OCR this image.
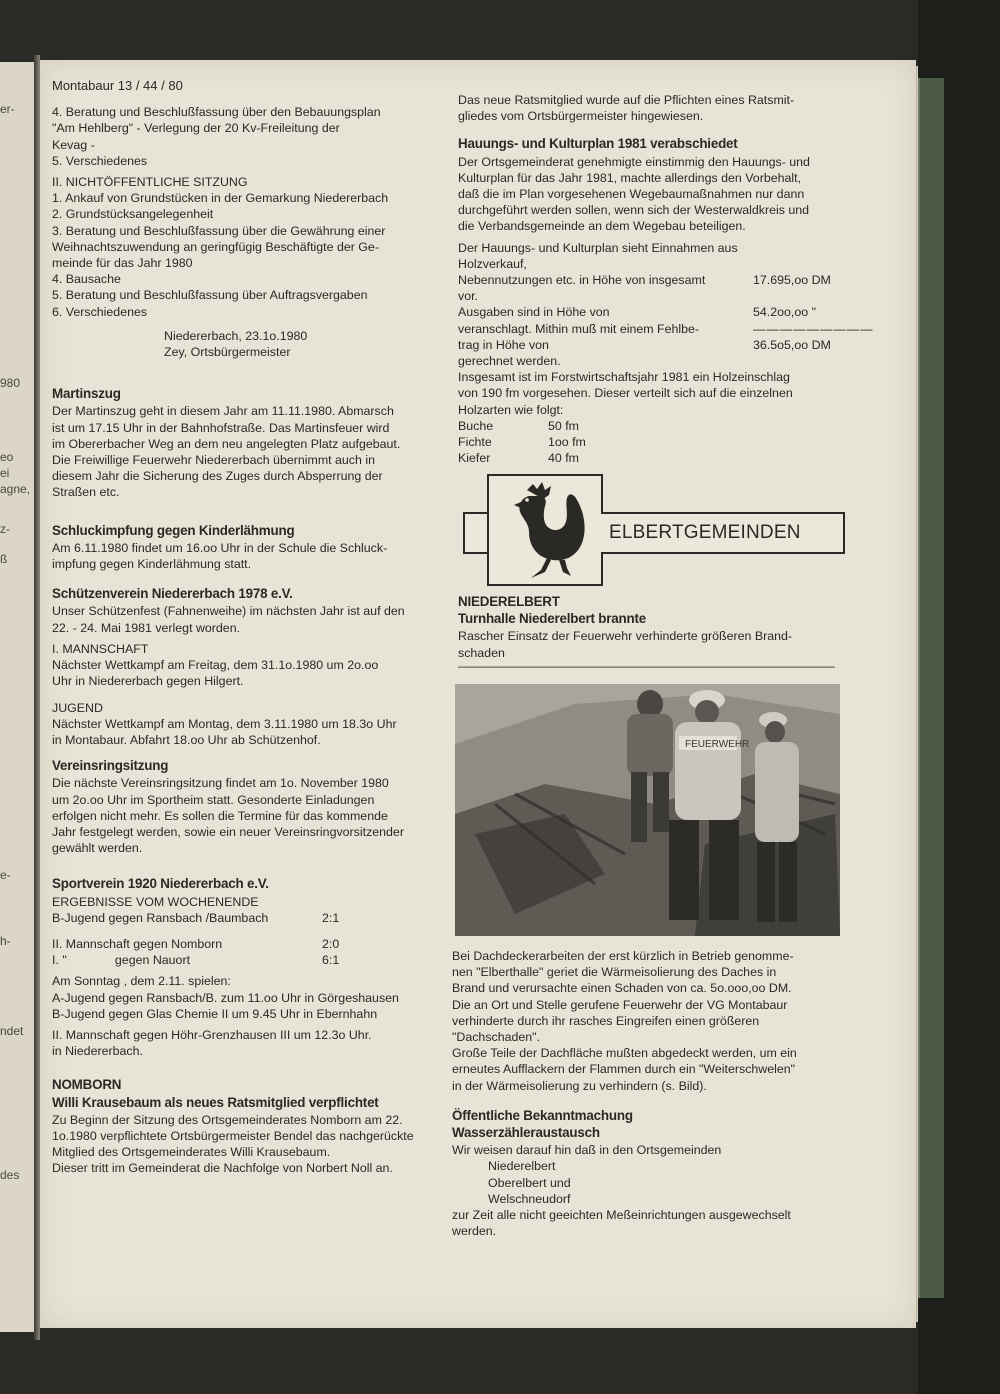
er-
980
eo
ei
agne,
z-
ß
e-
h-
ndet
des
Montabaur 13 / 44 / 80

4. Beratung und Beschlußfassung über den Bebauungsplan
"Am Hehlberg" - Verlegung der 20 Kv-Freileitung der
Kevag -

5. Verschiedenes

II. NICHTÖFFENTLICHE SITZUNG

1. Ankauf von Grundstücken in der Gemarkung Niedererbach

2. Grundstücksangelegenheit

3. Beratung und Beschlußfassung über die Gewährung einer
Weihnachtszuwendung an geringfügig Beschäftigte der Ge-
meinde für das Jahr 1980

4. Bausache

5. Beratung und Beschlußfassung über Auftragsvergaben

6. Verschiedenes

Niedererbach, 23.1o.1980

Zey, Ortsbürgermeister

Martinszug

Der Martinszug geht in diesem Jahr am 11.11.1980. Abmarsch
ist um 17.15 Uhr in der Bahnhofstraße. Das Martinsfeuer wird
im Obererbacher Weg an dem neu angelegten Platz aufgebaut.
Die Freiwillige Feuerwehr Niedererbach übernimmt auch in
diesem Jahr die Sicherung des Zuges durch Absperrung der
Straßen etc.

Schluckimpfung gegen Kinderlähmung

Am 6.11.1980 findet um 16.oo Uhr in der Schule die Schluck-
impfung gegen Kinderlähmung statt.

Schützenverein Niedererbach 1978 e.V.

Unser Schützenfest (Fahnenweihe) im nächsten Jahr ist auf den
22. - 24. Mai 1981 verlegt worden.

I. MANNSCHAFT

Nächster Wettkampf am Freitag, dem 31.1o.1980 um 2o.oo
Uhr in Niedererbach gegen Hilgert.

JUGEND

Nächster Wettkampf am Montag, dem 3.11.1980 um 18.3o Uhr
in Montabaur. Abfahrt 18.oo Uhr ab Schützenhof.

Vereinsringsitzung

Die nächste Vereinsringsitzung findet am 1o. November 1980
um 2o.oo Uhr im Sportheim statt. Gesonderte Einladungen
erfolgen nicht mehr. Es sollen die Termine für das kommende
Jahr festgelegt werden, sowie ein neuer Vereinsringvorsitzender
gewählt werden.

Sportverein 1920 Niedererbach e.V.

ERGEBNISSE VOM WOCHENENDE

B-Jugend gegen Ransbach /Baumbach	2:1
II. Mannschaft gegen Nomborn	2:0
I. "              gegen Nauort	6:1

Am Sonntag , dem 2.11. spielen:

A-Jugend gegen Ransbach/B. zum 11.oo Uhr in Görgeshausen

B-Jugend gegen Glas Chemie II um 9.45 Uhr in Ebernhahn

II. Mannschaft gegen Höhr-Grenzhausen III um 12.3o Uhr.
in Niedererbach.

NOMBORN
Willi Krausebaum als neues Ratsmitglied verpflichtet

Zu Beginn der Sitzung des Ortsgemeinderates Nomborn am 22.
1o.1980 verpflichtete Ortsbürgermeister Bendel das nachgerückte
Mitglied des Ortsgemeinderates Willi Krausebaum.
Dieser tritt im Gemeinderat die Nachfolge von Norbert Noll an.

Das neue Ratsmitglied wurde auf die Pflichten eines Ratsmit-
gliedes vom Ortsbürgermeister hingewiesen.

Hauungs- und Kulturplan 1981 verabschiedet

Der Ortsgemeinderat genehmigte einstimmig den Hauungs- und
Kulturplan für das Jahr 1981, machte allerdings den Vorbehalt,
daß die im Plan vorgesehenen Wegebaumaßnahmen nur dann
durchgeführt werden sollen, wenn sich der Westerwaldkreis und
die Verbandsgemeinde an dem Wegebau beteiligen.

Der Hauungs- und Kulturplan sieht Einnahmen aus Holzverkauf,
Nebennutzungen etc. in Höhe von insgesamt	17.695,oo DM

vor.

Ausgaben sind in Höhe von	54.2oo,oo "
veranschlagt. Mithin muß mit einem Fehlbe-	—————————
trag in Höhe von	36.5o5,oo DM

gerechnet werden.

Insgesamt ist im Forstwirtschaftsjahr 1981 ein Holzeinschlag
von 190 fm vorgesehen. Dieser verteilt sich auf die einzelnen
Holzarten wie folgt:

Buche	50 fm
Fichte	1oo fm
Kiefer	40 fm
ELBERTGEMEINDEN
NIEDERELBERT
Turnhalle Niederelbert brannte

Rascher Einsatz der Feuerwehr verhinderte größeren Brand-
schaden

—————————————————————————————————
FEUERWEHR

Bei Dachdeckerarbeiten der erst kürzlich in Betrieb genomme-
nen "Elberthalle" geriet die Wärmeisolierung des Daches in
Brand und verursachte einen Schaden von ca. 5o.ooo,oo DM.
Die an Ort und Stelle gerufene Feuerwehr der VG Montabaur
verhinderte durch ihr rasches Eingreifen einen größeren
"Dachschaden".
Große Teile der Dachfläche mußten abgedeckt werden, um ein
erneutes Aufflackern der Flammen durch ein "Weiterschwelen"
in der Wärmeisolierung zu verhindern (s. Bild).

Öffentliche Bekanntmachung
Wasserzähleraustausch

Wir weisen darauf hin daß in den Ortsgemeinden

Niederelbert

Oberelbert und

Welschneudorf

zur Zeit alle nicht geeichten Meßeinrichtungen ausgewechselt
werden.
